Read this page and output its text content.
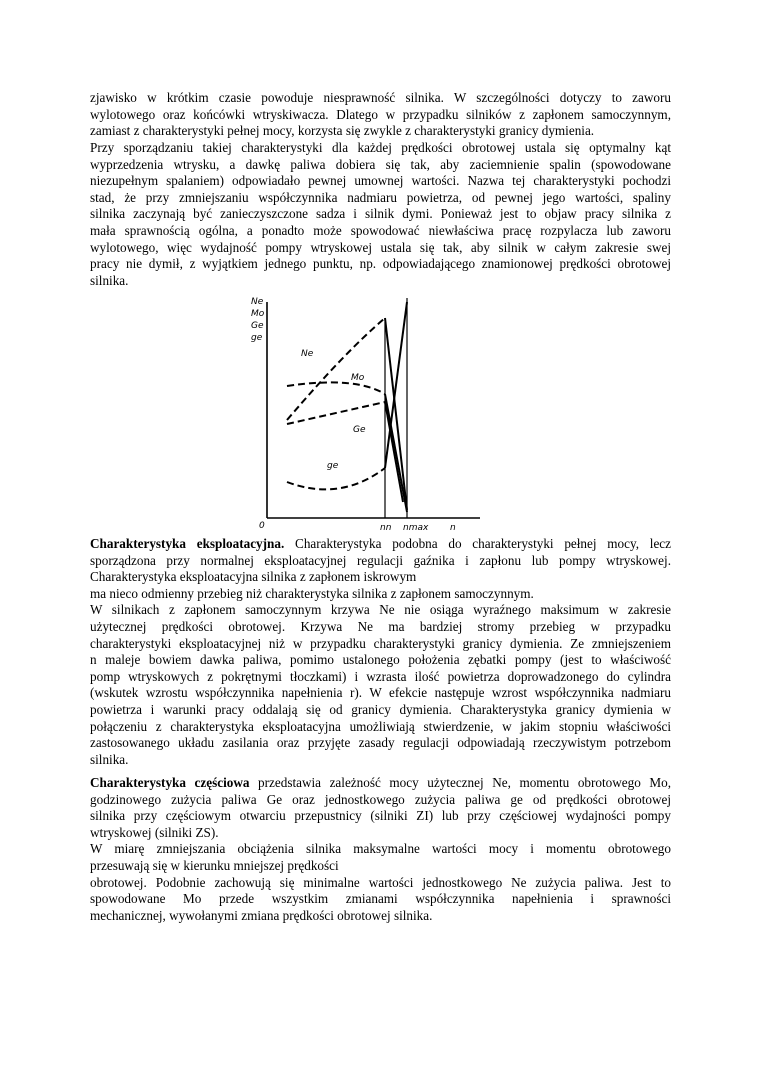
zjawisko w krótkim czasie powoduje niesprawność silnika. W szczególności dotyczy to zaworu

wylotowego oraz końcówki wtryskiwacza. Dlatego w przypadku silników z zapłonem samoczynnym,

zamiast z charakterystyki pełnej mocy, korzysta się zwykle z charakterystyki granicy dymienia.

Przy sporządzaniu takiej charakterystyki dla każdej prędkości obrotowej ustala się optymalny kąt

wyprzedzenia wtrysku, a dawkę paliwa dobiera się tak, aby zaciemnienie spalin (spowodowane

niezupełnym spalaniem) odpowiadało pewnej umownej wartości. Nazwa tej charakterystyki pochodzi

stad, że przy zmniejszaniu współczynnika nadmiaru powietrza, od pewnej jego wartości, spaliny

silnika zaczynają być zanieczyszczone sadza i silnik dymi. Ponieważ jest to objaw pracy silnika z

mała sprawnością ogólna, a ponadto może spowodować niewłaściwa pracę rozpylacza lub zaworu

wylotowego, więc wydajność pompy wtryskowej ustala się tak, aby silnik w całym zakresie swej

pracy nie dymił, z wyjątkiem jednego punktu, np. odpowiadającego znamionowej prędkości obrotowej

silnika.

Ne
Mo
Ge
ge
Ne
Mo
Ge
ge
0	nn nmax n

Charakterystyka eksploatacyjna. Charakterystyka podobna do charakterystyki pełnej mocy, lecz

sporządzona przy normalnej eksploatacyjnej regulacji gaźnika i zapłonu lub pompy wtryskowej.

Charakterystyka eksploatacyjna silnika z zapłonem iskrowym

ma nieco odmienny przebieg niż charakterystyka silnika z zapłonem samoczynnym.

W silnikach z zapłonem samoczynnym krzywa Ne nie osiąga wyraźnego maksimum w zakresie

użytecznej prędkości obrotowej. Krzywa Ne ma bardziej stromy przebieg w przypadku

charakterystyki eksploatacyjnej niż w przypadku charakterystyki granicy dymienia. Ze zmniejszeniem

n maleje bowiem dawka paliwa, pomimo ustalonego położenia zębatki pompy (jest to właściwość

pomp wtryskowych z pokrętnymi tłoczkami) i wzrasta ilość powietrza doprowadzonego do cylindra

(wskutek wzrostu współczynnika napełnienia r). W efekcie następuje wzrost współczynnika nadmiaru

powietrza i warunki pracy oddalają się od granicy dymienia. Charakterystyka granicy dymienia w

połączeniu z charakterystyka eksploatacyjna umożliwiają stwierdzenie, w jakim stopniu właściwości

zastosowanego układu zasilania oraz przyjęte zasady regulacji odpowiadają rzeczywistym potrzebom

silnika.

Charakterystyka częściowa przedstawia zależność mocy użytecznej Ne, momentu obrotowego Mo,

godzinowego zużycia paliwa Ge oraz jednostkowego zużycia paliwa ge od prędkości obrotowej

silnika przy częściowym otwarciu przepustnicy (silniki ZI) lub przy częściowej wydajności pompy

wtryskowej (silniki ZS).

W miarę zmniejszania obciążenia silnika maksymalne wartości mocy i momentu obrotowego

przesuwają się w kierunku mniejszej prędkości

obrotowej. Podobnie zachowują się minimalne wartości jednostkowego Ne zużycia paliwa. Jest to

spowodowane Mo przede wszystkim zmianami współczynnika napełnienia i sprawności

mechanicznej, wywołanymi zmiana prędkości obrotowej silnika.
